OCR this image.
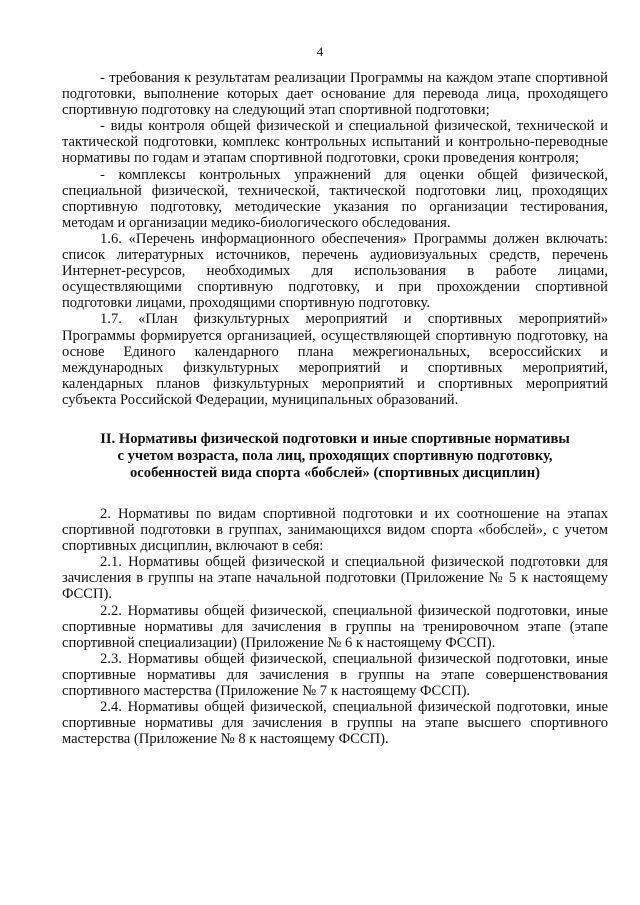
4

- требования к результатам реализации Программы на каждом этапе спортивной подготовки, выполнение которых дает основание для перевода лица, проходящего спортивную подготовку на следующий этап спортивной подготовки;

- виды контроля общей физической и специальной физической, технической и тактической подготовки, комплекс контрольных испытаний и контрольно-переводные нормативы по годам и этапам спортивной подготовки, сроки проведения контроля;

- комплексы контрольных упражнений для оценки общей физической, специальной физической, технической, тактической подготовки лиц, проходящих спортивную подготовку, методические указания по организации тестирования, методам и организации медико-биологического обследования.

1.6. «Перечень информационного обеспечения» Программы должен включать: список литературных источников, перечень аудиовизуальных средств, перечень Интернет-ресурсов, необходимых для использования в работе лицами, осуществляющими спортивную подготовку, и при прохождении спортивной подготовки лицами, проходящими спортивную подготовку.

1.7. «План физкультурных мероприятий и спортивных мероприятий» Программы формируется организацией, осуществляющей спортивную подготовку, на основе Единого календарного плана межрегиональных, всероссийских и международных физкультурных мероприятий и спортивных мероприятий, календарных планов физкультурных мероприятий и спортивных мероприятий субъекта Российской Федерации, муниципальных образований.

II. Нормативы физической подготовки и иные спортивные нормативы
с учетом возраста, пола лиц, проходящих спортивную подготовку,
особенностей вида спорта «бобслей» (спортивных дисциплин)

2. Нормативы по видам спортивной подготовки и их соотношение на этапах спортивной подготовки в группах, занимающихся видом спорта «бобслей», с учетом спортивных дисциплин, включают в себя:

2.1. Нормативы общей физической и специальной физической подготовки для зачисления в группы на этапе начальной подготовки (Приложение № 5 к настоящему ФССП).

2.2. Нормативы общей физической, специальной физической подготовки, иные спортивные нормативы для зачисления в группы на тренировочном этапе (этапе спортивной специализации) (Приложение № 6 к настоящему ФССП).

2.3. Нормативы общей физической, специальной физической подготовки, иные спортивные нормативы для зачисления в группы на этапе совершенствования спортивного мастерства (Приложение № 7 к настоящему ФССП).

2.4. Нормативы общей физической, специальной физической подготовки, иные спортивные нормативы для зачисления в группы на этапе высшего спортивного мастерства (Приложение № 8 к настоящему ФССП).
